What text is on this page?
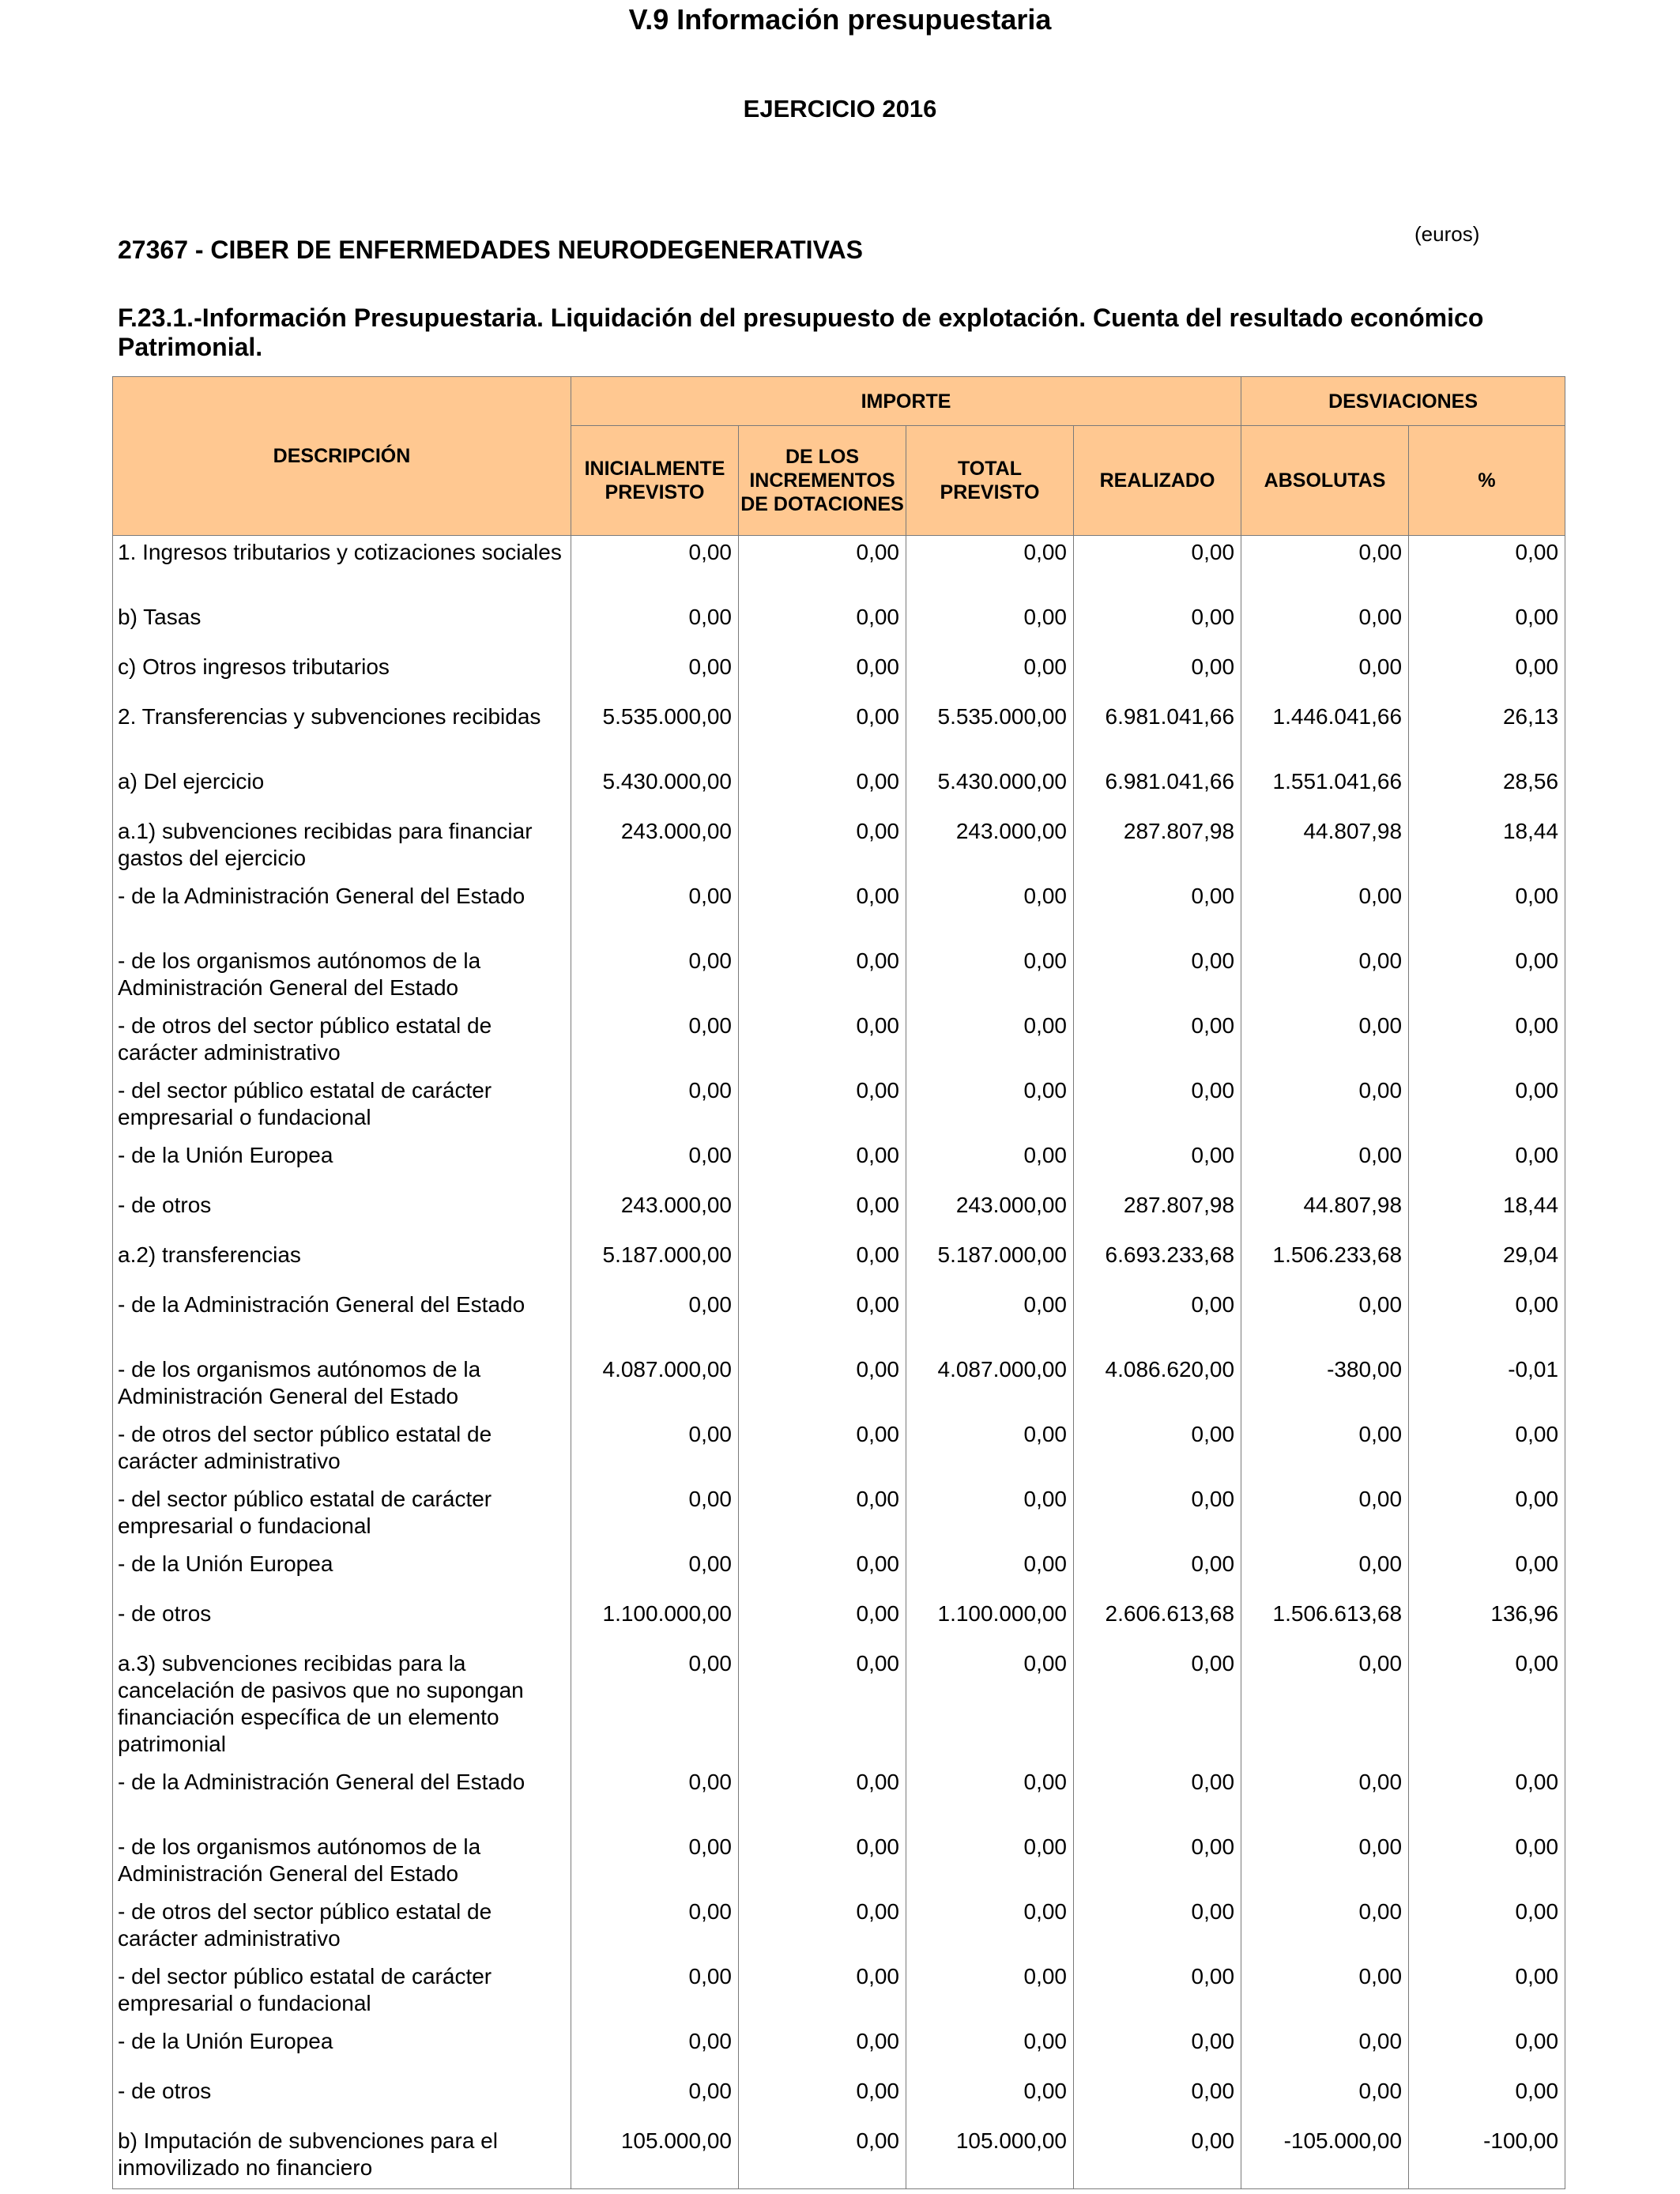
V.9 Información presupuestaria
EJERCICIO 2016
27367 - CIBER DE ENFERMEDADES NEURODEGENERATIVAS
(euros)
F.23.1.-Información Presupuestaria. Liquidación del presupuesto de explotación. Cuenta del resultado económico Patrimonial.
DESCRIPCIÓN	IMPORTE				DESVIACIONES	
	INICIALMENTE PREVISTO	DE LOS INCREMENTOS DE DOTACIONES	TOTAL PREVISTO	REALIZADO	ABSOLUTAS	%
1. Ingresos tributarios y cotizaciones sociales	0,00	0,00	0,00	0,00	0,00	0,00
b) Tasas	0,00	0,00	0,00	0,00	0,00	0,00
c) Otros ingresos tributarios	0,00	0,00	0,00	0,00	0,00	0,00
2. Transferencias y subvenciones recibidas	5.535.000,00	0,00	5.535.000,00	6.981.041,66	1.446.041,66	26,13
a) Del ejercicio	5.430.000,00	0,00	5.430.000,00	6.981.041,66	1.551.041,66	28,56
a.1) subvenciones recibidas para financiar gastos del ejercicio	243.000,00	0,00	243.000,00	287.807,98	44.807,98	18,44
- de la Administración General del Estado	0,00	0,00	0,00	0,00	0,00	0,00
- de los organismos autónomos de la Administración General del Estado	0,00	0,00	0,00	0,00	0,00	0,00
- de otros del sector público estatal de carácter administrativo	0,00	0,00	0,00	0,00	0,00	0,00
- del sector público estatal de carácter empresarial o fundacional	0,00	0,00	0,00	0,00	0,00	0,00
- de la Unión Europea	0,00	0,00	0,00	0,00	0,00	0,00
- de otros	243.000,00	0,00	243.000,00	287.807,98	44.807,98	18,44
a.2) transferencias	5.187.000,00	0,00	5.187.000,00	6.693.233,68	1.506.233,68	29,04
- de la Administración General del Estado	0,00	0,00	0,00	0,00	0,00	0,00
- de los organismos autónomos de la Administración General del Estado	4.087.000,00	0,00	4.087.000,00	4.086.620,00	-380,00	-0,01
- de otros del sector público estatal de carácter administrativo	0,00	0,00	0,00	0,00	0,00	0,00
- del sector público estatal de carácter empresarial o fundacional	0,00	0,00	0,00	0,00	0,00	0,00
- de la Unión Europea	0,00	0,00	0,00	0,00	0,00	0,00
- de otros	1.100.000,00	0,00	1.100.000,00	2.606.613,68	1.506.613,68	136,96
a.3) subvenciones recibidas para la cancelación de pasivos que no supongan financiación específica de un elemento patrimonial	0,00	0,00	0,00	0,00	0,00	0,00
- de la Administración General del Estado	0,00	0,00	0,00	0,00	0,00	0,00
- de los organismos autónomos de la Administración General del Estado	0,00	0,00	0,00	0,00	0,00	0,00
- de otros del sector público estatal de carácter administrativo	0,00	0,00	0,00	0,00	0,00	0,00
- del sector público estatal de carácter empresarial o fundacional	0,00	0,00	0,00	0,00	0,00	0,00
- de la Unión Europea	0,00	0,00	0,00	0,00	0,00	0,00
- de otros	0,00	0,00	0,00	0,00	0,00	0,00
b) Imputación de subvenciones para el inmovilizado no financiero	105.000,00	0,00	105.000,00	0,00	-105.000,00	-100,00
